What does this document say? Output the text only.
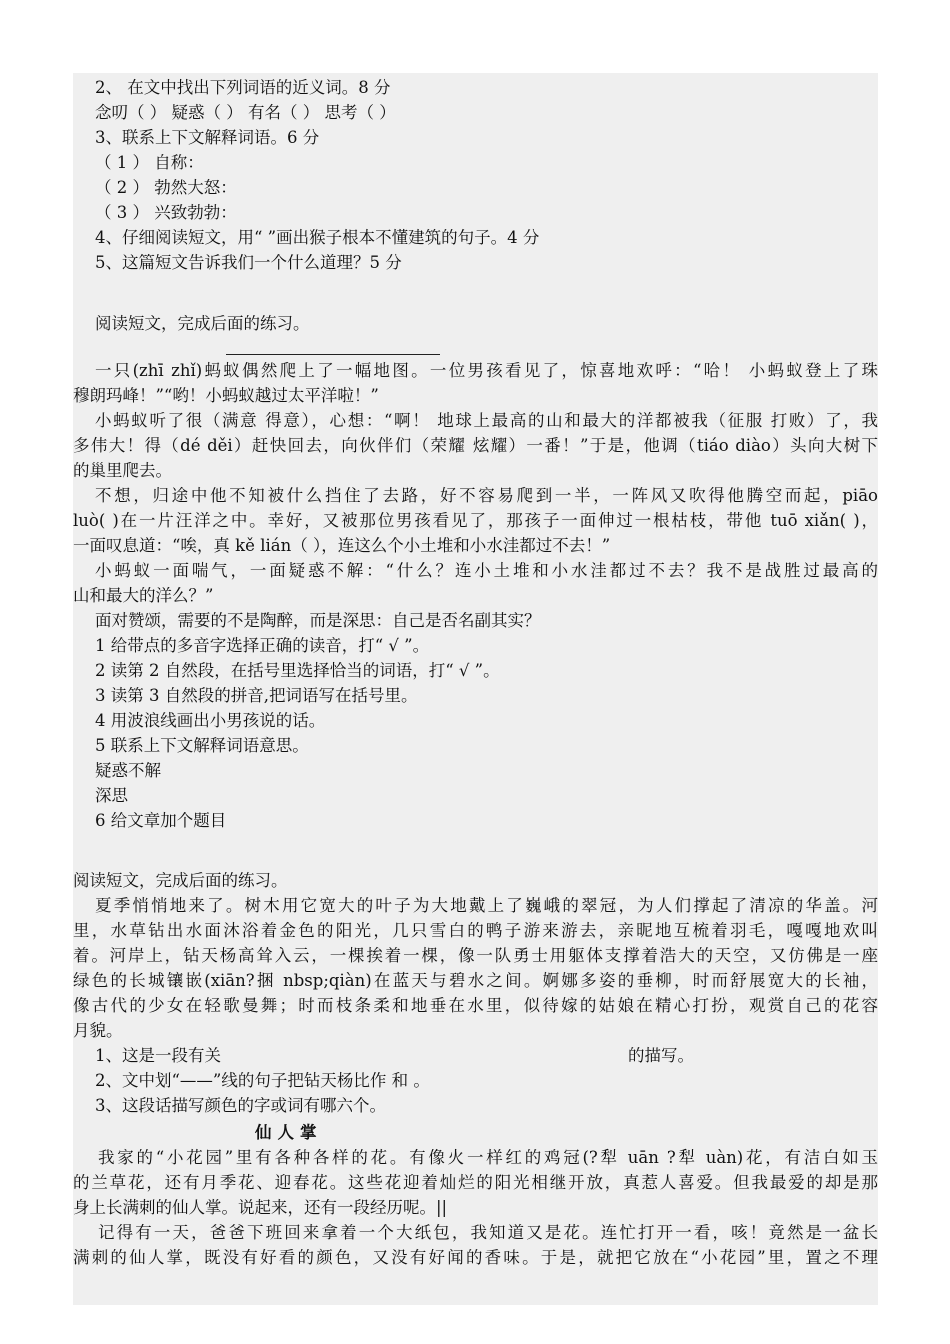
2、 在文中找出下列词语的近义词。8 分
念叨（ ） 疑惑（ ） 有名（ ） 思考（ ）
3、联系上下文解释词语。6 分
（ 1 ） 自称：
（ 2 ） 勃然大怒：
（ 3 ） 兴致勃勃：
4、仔细阅读短文，用“ ”画出猴子根本不懂建筑的句子。4 分
5、这篇短文告诉我们一个什么道理？5 分
阅读短文，完成后面的练习。
一只(zhī zhǐ)蚂蚁偶然爬上了一幅地图。一位男孩看见了，惊喜地欢呼：“哈！ 小蚂蚁登上了珠
穆朗玛峰！”“哟！小蚂蚁越过太平洋啦！”
小蚂蚁听了很（满意 得意），心想：“啊！ 地球上最高的山和最大的洋都被我（征服 打败）了，我
多伟大！得（dé děi）赶快回去，向伙伴们（荣耀 炫耀）一番！”于是，他调（tiáo diào）头向大树下
的巢里爬去。
不想，归途中他不知被什么挡住了去路，好不容易爬到一半，一阵风又吹得他腾空而起，piāo
luò( )在一片汪洋之中。幸好，又被那位男孩看见了，那孩子一面伸过一根枯枝，带他 tuō xiǎn( )，
一面叹息道：“唉，真 kě lián（ ），连这么个小土堆和小水洼都过不去！”
小蚂蚁一面喘气，一面疑惑不解：“什么？连小土堆和小水洼都过不去？我不是战胜过最高的
山和最大的洋么？”
面对赞颂，需要的不是陶醉，而是深思：自己是否名副其实？
1 给带点的多音字选择正确的读音，打“ √ ”。
2 读第 2 自然段，在括号里选择恰当的词语，打“ √ ”。
3 读第 3 自然段的拼音,把词语写在括号里。
4 用波浪线画出小男孩说的话。
5 联系上下文解释词语意思。
疑惑不解
深思
6 给文章加个题目
阅读短文，完成后面的练习。
夏季悄悄地来了。树木用它宽大的叶子为大地戴上了巍峨的翠冠，为人们撑起了清凉的华盖。河
里，水草钻出水面沐浴着金色的阳光，几只雪白的鸭子游来游去，亲昵地互梳着羽毛，嘎嘎地欢叫
着。河岸上，钻天杨高耸入云，一棵挨着一棵，像一队勇士用躯体支撑着浩大的天空，又仿佛是一座
绿色的长城镶嵌(xiān?捆 nbsp;qiàn)在蓝天与碧水之间。婀娜多姿的垂柳，时而舒展宽大的长袖，
像古代的少女在轻歌曼舞；时而枝条柔和地垂在水里，似待嫁的姑娘在精心打扮，观赏自己的花容
月貌。
1、这是一段有关	的描写。
2、文中划“——”线的句子把钻天杨比作 和 。
3、这段话描写颜色的字或词有哪六个。
仙人掌
我家的“小花园”里有各种各样的花。有像火一样红的鸡冠(?犁 uān ?犁 uàn)花，有洁白如玉
的兰草花，还有月季花、迎春花。这些花迎着灿烂的阳光相继开放，真惹人喜爱。但我最爱的却是那
身上长满刺的仙人掌。说起来，还有一段经历呢。||
记得有一天，爸爸下班回来拿着一个大纸包，我知道又是花。连忙打开一看，咳！竟然是一盆长
满刺的仙人掌，既没有好看的颜色，又没有好闻的香味。于是，就把它放在“小花园”里，置之不理
